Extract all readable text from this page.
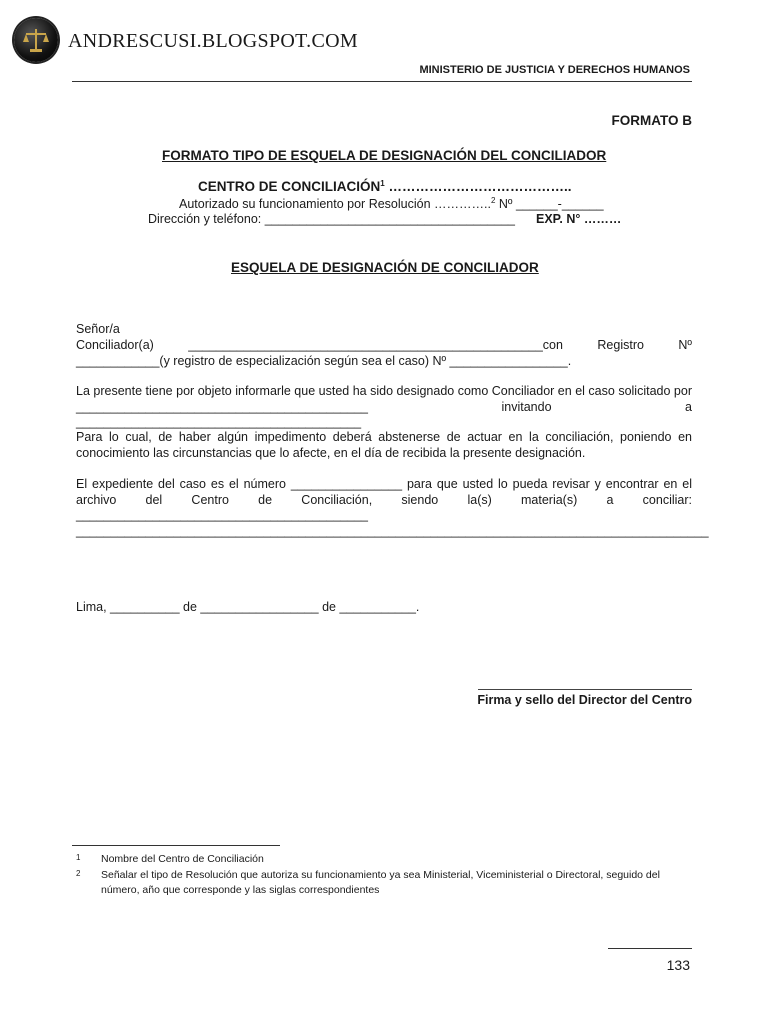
ANDRESCUSI.BLOGSPOT.COM

MINISTERIO DE JUSTICIA Y DERECHOS HUMANOS

FORMATO B

FORMATO TIPO DE ESQUELA DE DESIGNACIÓN DEL CONCILIADOR

CENTRO DE CONCILIACIÓN$^1$ …………………………………..

Autorizado su funcionamiento por Resolución …………..$^2$ Nº ______-______

Dirección y teléfono: ____________________________________ EXP. N° ………

ESQUELA DE DESIGNACIÓN DE CONCILIADOR

Señor/a

Conciliador(a) ___________________________________________________con Registro Nº ____________(y registro de especialización según sea el caso) Nº _________________.

La presente tiene por objeto informarle que usted ha sido designado como Conciliador en el caso solicitado por __________________________________________ invitando a _________________________________________

Para lo cual, de haber algún impedimento deberá abstenerse de actuar en la conciliación, poniendo en conocimiento las circunstancias que lo afecte, en el día de recibida la presente designación.

El expediente del caso es el número ________________ para que usted lo pueda revisar y encontrar en el archivo del Centro de Conciliación, siendo la(s) materia(s) a conciliar: __________________________________________ ___________________________________________________________________________________________

Lima, __________ de _________________ de ___________.

Firma y sello del Director del Centro

1 Nombre del Centro de Conciliación
2 Señalar el tipo de Resolución que autoriza su funcionamiento ya sea Ministerial, Viceministerial o Directoral, seguido del número, año que corresponde y las siglas correspondientes

133
